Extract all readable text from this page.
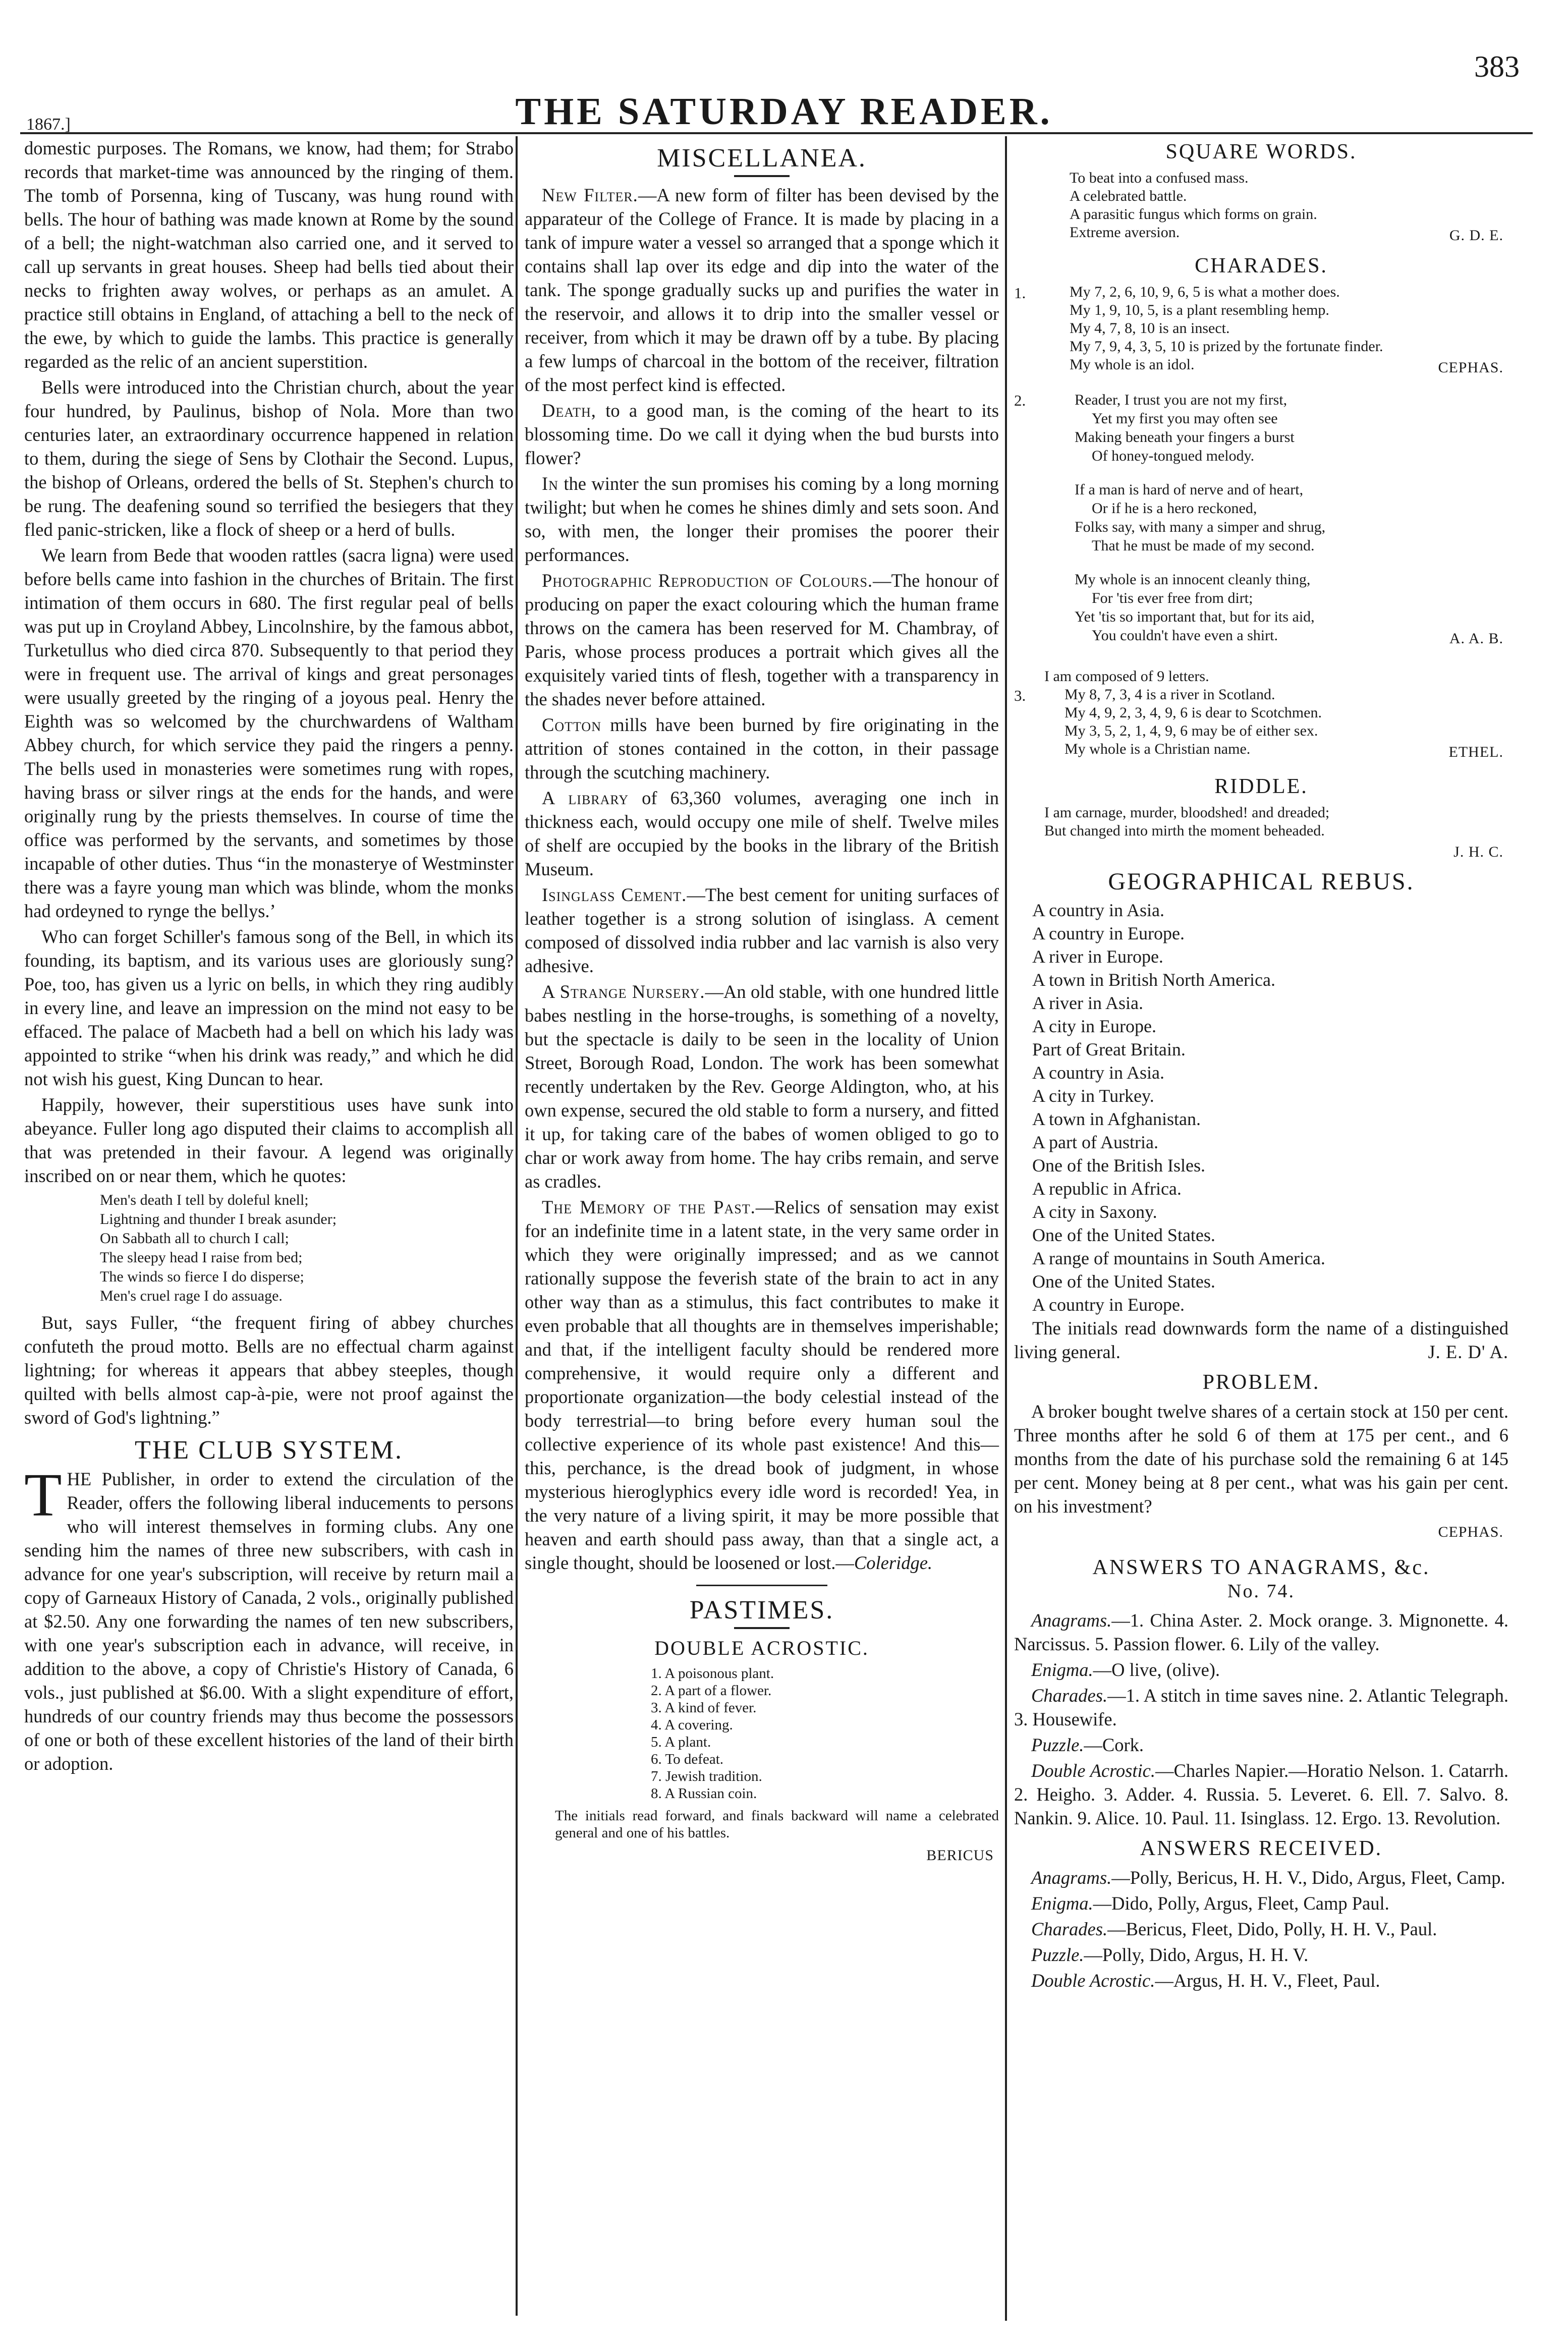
1867.]	THE SATURDAY READER.
383

domestic purposes. The Romans, we know, had them; for Strabo records that market-time was announced by the ringing of them. The tomb of Porsenna, king of Tuscany, was hung round with bells. The hour of bathing was made known at Rome by the sound of a bell; the night-watchman also carried one, and it served to call up servants in great houses. Sheep had bells tied about their necks to frighten away wolves, or perhaps as an amulet. A practice still obtains in England, of attaching a bell to the neck of the ewe, by which to guide the lambs. This practice is generally regarded as the relic of an ancient superstition.

Bells were introduced into the Christian church, about the year four hundred, by Paulinus, bishop of Nola. More than two centuries later, an extraordinary occurrence happened in relation to them, during the siege of Sens by Clothair the Second. Lupus, the bishop of Orleans, ordered the bells of St. Stephen's church to be rung. The deafening sound so terrified the besiegers that they fled panic-stricken, like a flock of sheep or a herd of bulls.

We learn from Bede that wooden rattles (sacra ligna) were used before bells came into fashion in the churches of Britain. The first intimation of them occurs in 680. The first regular peal of bells was put up in Croyland Abbey, Lincolnshire, by the famous abbot, Turketullus who died circa 870. Subsequently to that period they were in frequent use. The arrival of kings and great personages were usually greeted by the ringing of a joyous peal. Henry the Eighth was so welcomed by the churchwardens of Waltham Abbey church, for which service they paid the ringers a penny. The bells used in monasteries were sometimes rung with ropes, having brass or silver rings at the ends for the hands, and were originally rung by the priests themselves. In course of time the office was performed by the servants, and sometimes by those incapable of other duties. Thus “in the monasterye of Westminster there was a fayre young man which was blinde, whom the monks had ordeyned to rynge the bellys.’

Who can forget Schiller's famous song of the Bell, in which its founding, its baptism, and its various uses are gloriously sung? Poe, too, has given us a lyric on bells, in which they ring audibly in every line, and leave an impression on the mind not easy to be effaced. The palace of Macbeth had a bell on which his lady was appointed to strike “when his drink was ready,” and which he did not wish his guest, King Duncan to hear.

Happily, however, their superstitious uses have sunk into abeyance. Fuller long ago disputed their claims to accomplish all that was pretended in their favour. A legend was originally inscribed on or near them, which he quotes:

Men's death I tell by doleful knell;
Lightning and thunder I break asunder;
On Sabbath all to church I call;
The sleepy head I raise from bed;
The winds so fierce I do disperse;
Men's cruel rage I do assuage.

But, says Fuller, “the frequent firing of abbey churches confuteth the proud motto. Bells are no effectual charm against lightning; for whereas it appears that abbey steeples, though quilted with bells almost cap-à-pie, were not proof against the sword of God's lightning.”

THE CLUB SYSTEM.

THE Publisher, in order to extend the circulation of the Reader, offers the following liberal inducements to persons who will interest themselves in forming clubs. Any one sending him the names of three new subscribers, with cash in advance for one year's subscription, will receive by return mail a copy of Garneaux History of Canada, 2 vols., originally published at $2.50. Any one forwarding the names of ten new subscribers, with one year's subscription each in advance, will receive, in addition to the above, a copy of Christie's History of Canada, 6 vols., just published at $6.00. With a slight expenditure of effort, hundreds of our country friends may thus become the possessors of one or both of these excellent histories of the land of their birth or adoption.

MISCELLANEA.

New Filter.—A new form of filter has been devised by the apparateur of the College of France. It is made by placing in a tank of impure water a vessel so arranged that a sponge which it contains shall lap over its edge and dip into the water of the tank. The sponge gradually sucks up and purifies the water in the reservoir, and allows it to drip into the smaller vessel or receiver, from which it may be drawn off by a tube. By placing a few lumps of charcoal in the bottom of the receiver, filtration of the most perfect kind is effected.

Death, to a good man, is the coming of the heart to its blossoming time. Do we call it dying when the bud bursts into flower?

In the winter the sun promises his coming by a long morning twilight; but when he comes he shines dimly and sets soon. And so, with men, the longer their promises the poorer their performances.

Photographic Reproduction of Colours.—The honour of producing on paper the exact colouring which the human frame throws on the camera has been reserved for M. Chambray, of Paris, whose process produces a portrait which gives all the exquisitely varied tints of flesh, together with a transparency in the shades never before attained.

Cotton mills have been burned by fire originating in the attrition of stones contained in the cotton, in their passage through the scutching machinery.

A library of 63,360 volumes, averaging one inch in thickness each, would occupy one mile of shelf. Twelve miles of shelf are occupied by the books in the library of the British Museum.

Isinglass Cement.—The best cement for uniting surfaces of leather together is a strong solution of isinglass. A cement composed of dissolved india rubber and lac varnish is also very adhesive.

A Strange Nursery.—An old stable, with one hundred little babes nestling in the horse-troughs, is something of a novelty, but the spectacle is daily to be seen in the locality of Union Street, Borough Road, London. The work has been somewhat recently undertaken by the Rev. George Aldington, who, at his own expense, secured the old stable to form a nursery, and fitted it up, for taking care of the babes of women obliged to go to char or work away from home. The hay cribs remain, and serve as cradles.

The Memory of the Past.—Relics of sensation may exist for an indefinite time in a latent state, in the very same order in which they were originally impressed; and as we cannot rationally suppose the feverish state of the brain to act in any other way than as a stimulus, this fact contributes to make it even probable that all thoughts are in themselves imperishable; and that, if the intelligent faculty should be rendered more comprehensive, it would require only a different and proportionate organization—the body celestial instead of the body terrestrial—to bring before every human soul the collective experience of its whole past existence! And this—this, perchance, is the dread book of judgment, in whose mysterious hieroglyphics every idle word is recorded! Yea, in the very nature of a living spirit, it may be more possible that heaven and earth should pass away, than that a single act, a single thought, should be loosened or lost.—Coleridge.

PASTIMES.
DOUBLE ACROSTIC.
1. A poisonous plant.
2. A part of a flower.
3. A kind of fever.
4. A covering.
5. A plant.
6. To defeat.
7. Jewish tradition.
8. A Russian coin.

The initials read forward, and finals backward will name a celebrated general and one of his battles.

BERICUS
SQUARE WORDS.
To beat into a confused mass.
A celebrated battle.
A parasitic fungus which forms on grain.
Extreme aversion.	G. D. E.
CHARADES.
1.	My 7, 2, 6, 10, 9, 6, 5 is what a mother does.
My 1, 9, 10, 5, is a plant resembling hemp.
My 4, 7, 8, 10 is an insect.
My 7, 9, 4, 3, 5, 10 is prized by the fortunate finder.
My whole is an idol.	CEPHAS.
2.	Reader, I trust you are not my first,
Yet my first you may often see
Making beneath your fingers a burst
Of honey-tongued melody.
If a man is hard of nerve and of heart,
Or if he is a hero reckoned,
Folks say, with many a simper and shrug,
That he must be made of my second.
My whole is an innocent cleanly thing,
For 'tis ever free from dirt;
Yet 'tis so important that, but for its aid,
You couldn't have even a shirt.	A. A. B.
I am composed of 9 letters.
3.	My 8, 7, 3, 4 is a river in Scotland.
My 4, 9, 2, 3, 4, 9, 6 is dear to Scotchmen.
My 3, 5, 2, 1, 4, 9, 6 may be of either sex.
My whole is a Christian name.	ETHEL.
RIDDLE.
I am carnage, murder, bloodshed! and dreaded;
But changed into mirth the moment beheaded.
J. H. C.
GEOGRAPHICAL REBUS.
A country in Asia.
A country in Europe.
A river in Europe.
A town in British North America.
A river in Asia.
A city in Europe.
Part of Great Britain.
A country in Asia.
A city in Turkey.
A town in Afghanistan.
A part of Austria.
One of the British Isles.
A republic in Africa.
A city in Saxony.
One of the United States.
A range of mountains in South America.
One of the United States.
A country in Europe.

The initials read downwards form the name of a distinguished living general.	J. E. D' A.

PROBLEM.

A broker bought twelve shares of a certain stock at 150 per cent. Three months after he sold 6 of them at 175 per cent., and 6 months from the date of his purchase sold the remaining 6 at 145 per cent. Money being at 8 per cent., what was his gain per cent. on his investment?

CEPHAS.
ANSWERS TO ANAGRAMS, &c.
No. 74.

Anagrams.—1. China Aster. 2. Mock orange. 3. Mignonette. 4. Narcissus. 5. Passion flower. 6. Lily of the valley.

Enigma.—O live, (olive).

Charades.—1. A stitch in time saves nine. 2. Atlantic Telegraph. 3. Housewife.

Puzzle.—Cork.

Double Acrostic.—Charles Napier.—Horatio Nelson. 1. Catarrh. 2. Heigho. 3. Adder. 4. Russia. 5. Leveret. 6. Ell. 7. Salvo. 8. Nankin. 9. Alice. 10. Paul. 11. Isinglass. 12. Ergo. 13. Revolution.

ANSWERS RECEIVED.

Anagrams.—Polly, Bericus, H. H. V., Dido, Argus, Fleet, Camp.

Enigma.—Dido, Polly, Argus, Fleet, Camp Paul.

Charades.—Bericus, Fleet, Dido, Polly, H. H. V., Paul.

Puzzle.—Polly, Dido, Argus, H. H. V.

Double Acrostic.—Argus, H. H. V., Fleet, Paul.
